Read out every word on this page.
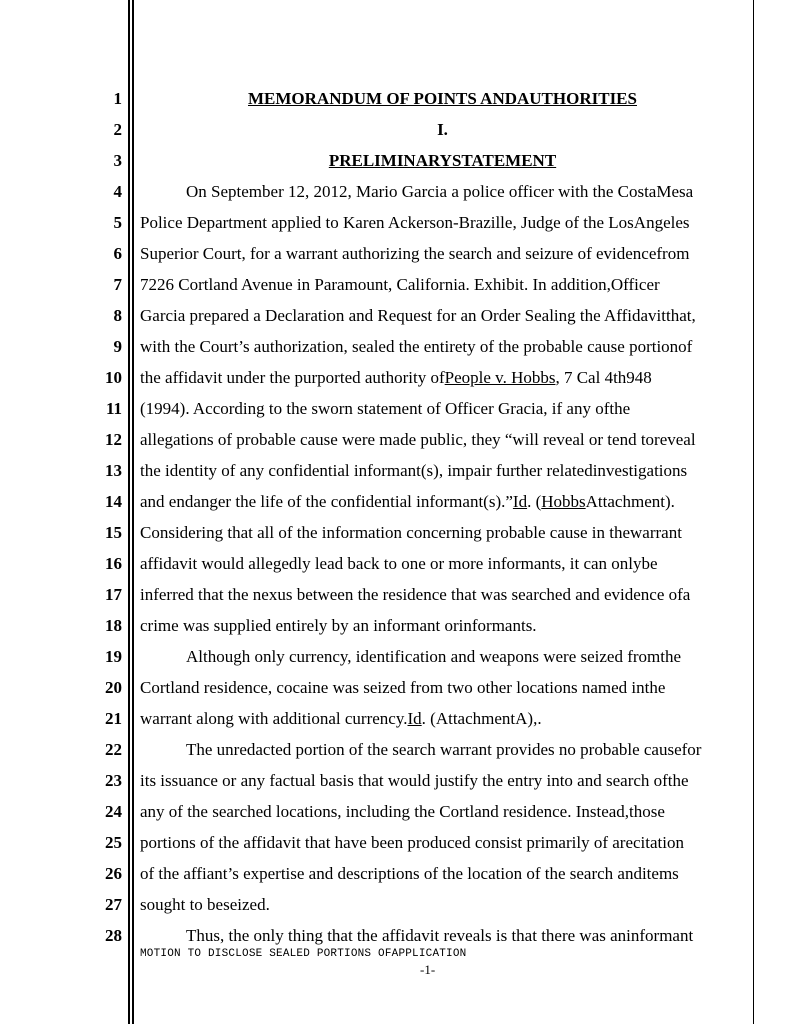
1
2
3
4
5
6
7
8
9
10
11
12
13
14
15
16
17
18
19
20
21
22
23
24
25
26
27
28
MEMORANDUM OF POINTS ANDAUTHORITIES
I.
PRELIMINARYSTATEMENT
On September 12, 2012, Mario Garcia a police officer with the CostaMesa
Police Department applied to Karen Ackerson-Brazille, Judge of the LosAngeles
Superior Court, for a warrant authorizing the search and seizure of evidencefrom
7226 Cortland Avenue in Paramount, California. Exhibit. In addition,Officer
Garcia prepared a Declaration and Request for an Order Sealing the Affidavitthat,
with the Court’s authorization, sealed the entirety of the probable cause portionof
the affidavit under the purported authority ofPeople v. Hobbs, 7 Cal 4th948
(1994). According to the sworn statement of Officer Gracia, if any ofthe
allegations of probable cause were made public, they “will reveal or tend toreveal
the identity of any confidential informant(s), impair further relatedinvestigations
and endanger the life of the confidential informant(s).”Id. (HobbsAttachment).
Considering that all of the information concerning probable cause in thewarrant
affidavit would allegedly lead back to one or more informants, it can onlybe
inferred that the nexus between the residence that was searched and evidence ofa
crime was supplied entirely by an informant orinformants.
Although only currency, identification and weapons were seized fromthe
Cortland residence, cocaine was seized from two other locations named inthe
warrant along with additional currency.Id. (AttachmentA),.
The unredacted portion of the search warrant provides no probable causefor
its issuance or any factual basis that would justify the entry into and search ofthe
any of the searched locations, including the Cortland residence. Instead,those
portions of the affidavit that have been produced consist primarily of arecitation
of the affiant’s expertise and descriptions of the location of the search anditems
sought to beseized.
Thus, the only thing that the affidavit reveals is that there was aninformant
MOTION TO DISCLOSE SEALED PORTIONS OFAPPLICATION
-1-
